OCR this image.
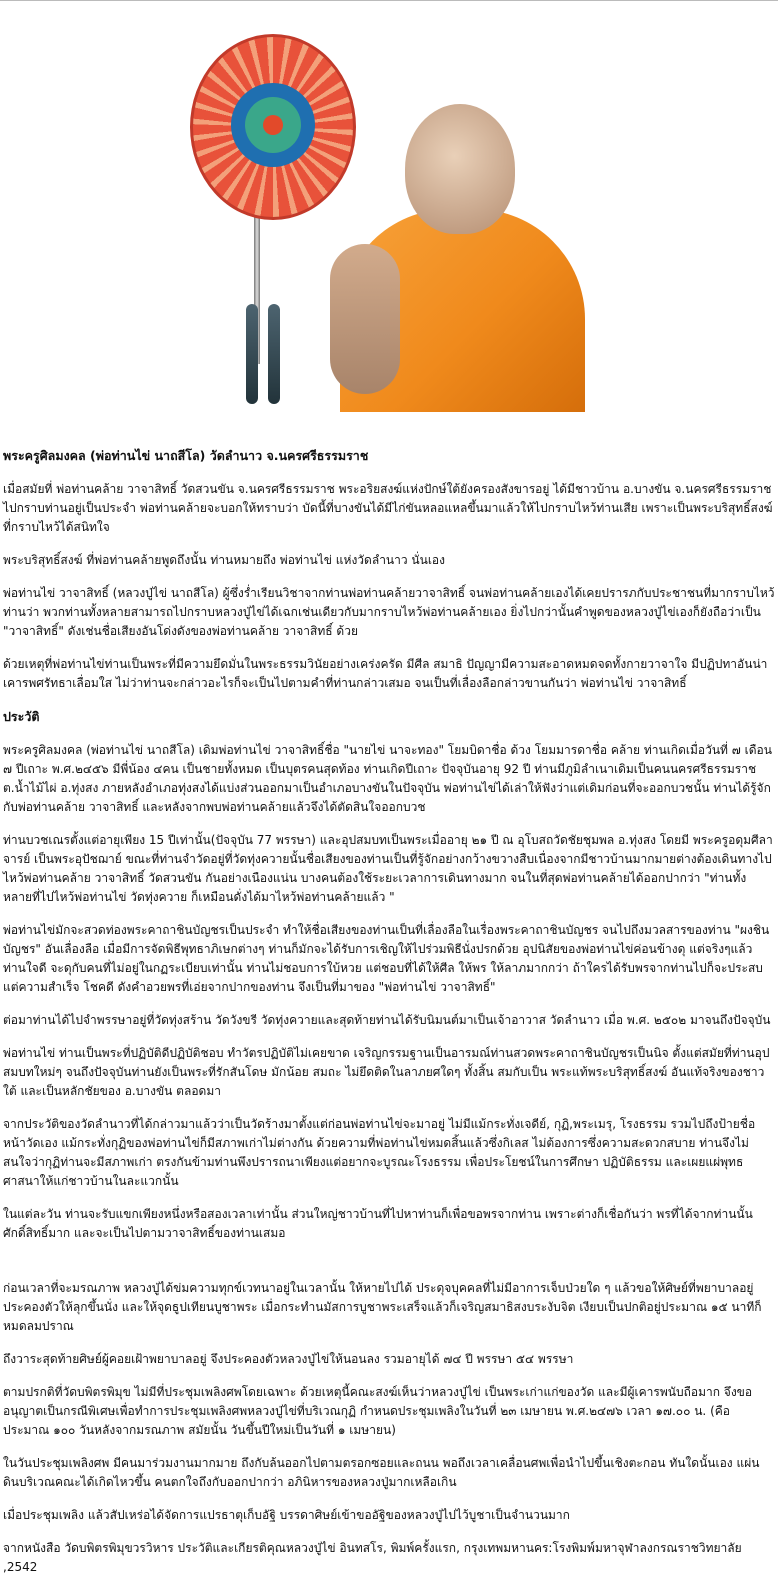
พระครูศิลมงคล (พ่อท่านไข่ นาถสีโล) วัดลำนาว จ.นครศรีธรรมราช

เมื่อสมัยที่ พ่อท่านคล้าย วาจาสิทธิ์ วัดสวนขัน จ.นครศรีธรรมราช พระอริยสงฆ์แห่งปักษ์ใต้ยังครองสังขารอยู่ ได้มีชาวบ้าน อ.บางขัน จ.นครศรีธรรมราชไปกราบท่านอยู่เป็นประจำ พ่อท่านคล้ายจะบอกให้ทราบว่า บัดนี้ที่บางขันได้มีไก่ขันหลอแหลขึ้นมาแล้วให้ไปกราบไหว้ท่านเสีย เพราะเป็นพระบริสุทธิ์สงฆ์ที่กราบไหว้ได้สนิทใจ

พระบริสุทธิ์สงฆ์ ที่พ่อท่านคล้ายพูดถึงนั้น ท่านหมายถึง พ่อท่านไข่ แห่งวัดลำนาว นั่นเอง

พ่อท่านไข่ วาจาสิทธิ์ (หลวงปู่ไข่ นาถสีโล) ผู้ซึ่งร่ำเรียนวิชาจากท่านพ่อท่านคล้ายวาจาสิทธิ์ จนพ่อท่านคล้ายเองได้เคยปรารภกับประชาชนที่มากราบไหว้ท่านว่า พวกท่านทั้งหลายสามารถไปกราบหลวงปู่ไข่ได้เฉกเช่นเดียวกับมากราบไหว้พ่อท่านคล้ายเอง ยิ่งไปกว่านั้นคำพูดของหลวงปู่ไข่เองก็ยังถือว่าเป็น "วาจาสิทธิ์" ดังเช่นชื่อเสียงอันโด่งดังของพ่อท่านคล้าย วาจาสิทธิ์ ด้วย

ด้วยเหตุที่พ่อท่านไข่ท่านเป็นพระที่มีความยึดมั่นในพระธรรมวินัยอย่างเคร่งครัด มีศีล สมาธิ ปัญญามีความสะอาดหมดจดทั้งกายวาจาใจ มีปฏิปทาอันน่าเคารพศรัทธาเลื่อมใส ไม่ว่าท่านจะกล่าวอะไรก็จะเป็นไปตามคำที่ท่านกล่าวเสมอ จนเป็นที่เลื่องลือกล่าวขานกันว่า พ่อท่านไข่ วาจาสิทธิ์

ประวัติ

พระครูศิลมงคล (พ่อท่านไข่ นาถสีโล) เดิมพ่อท่านไข่ วาจาสิทธิ์ชื่อ "นายไข่ นาจะทอง" โยมบิดาชื่อ ด้วง โยมมารดาชื่อ คล้าย ท่านเกิดเมื่อวันที่ ๗ เดือน ๗ ปีเถาะ พ.ศ.๒๔๕๖ มีพี่น้อง ๔คน เป็นชายทั้งหมด เป็นบุตรคนสุดท้อง ท่านเกิดปีเถาะ ปัจจุบันอายุ 92 ปี ท่านมีภูมิลำเนาเดิมเป็นคนนครศรีธรรมราช ต.น้ำไม้ไผ่ อ.ทุ่งสง ภายหลังอำเภอทุ่งสงได้แบ่งส่วนออกมาเป็นอำเภอบางขันในปัจจุบัน พ่อท่านไข่ได้เล่าให้ฟังว่าแต่เดิมก่อนที่จะออกบวชนั้น ท่านได้รู้จักกับพ่อท่านคล้าย วาจาสิทธิ์ และหลังจากพบพ่อท่านคล้ายแล้วจึงได้ตัดสินใจออกบวช

ท่านบวชเณรตั้งแต่อายุเพียง 15 ปีเท่านั้น(ปัจจุบัน 77 พรรษา) และอุปสมบทเป็นพระเมื่ออายุ ๒๑ ปี ณ อุโบสถวัดชัยชุมพล อ.ทุ่งสง โดยมี พระครูอดุมศีลาจารย์ เป็นพระอุปัชฌาย์ ขณะที่ท่านจำวัดอยู่ที่วัดทุ่งควายนั้นชื่อเสียงของท่านเป็นที่รู้จักอย่างกว้างขวางสืบเนื่องจากมีชาวบ้านมากมายต่างต้องเดินทางไปไหว้พ่อท่านคล้าย วาจาสิทธิ์ วัดสวนขัน กันอย่างเนืองแน่น บางคนต้องใช้ระยะเวลาการเดินทางมาก จนในที่สุดพ่อท่านคล้ายได้ออกปากว่า "ท่านทั้งหลายที่ไปไหว้พ่อท่านไข่ วัดทุ่งควาย ก็เหมือนดั่งได้มาไหว้พ่อท่านคล้ายแล้ว "

พ่อท่านไข่มักจะสวดท่องพระคาถาชินบัญชรเป็นประจำ ทำให้ชื่อเสียงของท่านเป็นที่เลื่องลือในเรื่องพระคาถาชินบัญชร จนไปถึงมวลสารของท่าน "ผงชินบัญชร" อันเลื่องลือ เมื่อมีการจัดพิธีพุทธาภิเษกต่างๆ ท่านก็มักจะได้รับการเชิญให้ไปร่วมพิธีนั่งปรกด้วย อุปนิสัยของพ่อท่านไข่ค่อนข้างดุ แต่จริงๆแล้วท่านใจดี จะดุกับคนที่ไม่อยู่ในกฏระเบียบเท่านั้น ท่านไม่ชอบการใบ้หวย แต่ชอบที่ได้ให้ศีล ให้พร ให้ลาภมากกว่า ถ้าใครได้รับพรจากท่านไปก็จะประสบแต่ความสำเร็จ โชคดี ดังคำอวยพรที่เอ่ยจากปากของท่าน จึงเป็นที่มาของ "พ่อท่านไข่ วาจาสิทธิ์"

ต่อมาท่านได้ไปจำพรรษาอยู่ที่วัดทุ่งสร้าน วัดวังขรี วัดทุ่งควายและสุดท้ายท่านได้รับนิมนต์มาเป็นเจ้าอาวาส วัดลำนาว เมื่อ พ.ศ. ๒๕๐๒ มาจนถึงปัจจุบัน

พ่อท่านไข่ ท่านเป็นพระที่ปฏิบัติดีปฏิบัติชอบ ทำวัตรปฏิบัติไม่เคยขาด เจริญกรรมฐานเป็นอารมณ์ท่านสวดพระคาถาชินบัญชรเป็นนิจ ตั้งแต่สมัยที่ท่านอุปสมบทใหม่ๆ จนถึงปัจจุบันท่านยังเป็นพระที่รักสันโดษ มักน้อย สมถะ ไม่ยึดติดในลาภยศใดๆ ทั้งสิ้น สมกับเป็น พระแท้พระบริสุทธิ์สงฆ์ อันแท้จริงของชาวใต้ และเป็นหลักชัยของ อ.บางขัน ตลอดมา

จากประวัติของวัดลำนาวที่ได้กล่าวมาแล้วว่าเป็นวัดร้างมาตั้งแต่ก่อนพ่อท่านไข่จะมาอยู่ ไม่มีแม้กระทั่งเจดีย์, กุฏิ,พระเมรุ, โรงธรรม รวมไปถึงป้ายชื่อหน้าวัดเอง แม้กระทั่งกุฏิของพ่อท่านไข่ก็มีสภาพเก่าไม่ต่างกัน ด้วยความที่พ่อท่านไข่หมดสิ้นแล้วซึ่งกิเลส ไม่ต้องการซึ่งความสะดวกสบาย ท่านจึงไม่สนใจว่ากุฏิท่านจะมีสภาพเก่า ตรงกันข้ามท่านพึงปรารถนาเพียงแต่อยากจะบูรณะโรงธรรม เพื่อประโยชน์ในการศึกษา ปฏิบัติธรรม และเผยแผ่พุทธศาสนาให้แก่ชาวบ้านในละแวกนั้น

ในแต่ละวัน ท่านจะรับแขกเพียงหนึ่งหรือสองเวลาเท่านั้น ส่วนใหญ่ชาวบ้านที่ไปหาท่านก็เพื่อขอพรจากท่าน เพราะต่างก็เชื่อกันว่า พรที่ได้จากท่านนั้นศักดิ์สิทธิ์มาก และจะเป็นไปตามวาจาสิทธิ์ของท่านเสมอ

ก่อนเวลาที่จะมรณภาพ หลวงปู่ได้ข่มความทุกข์เวทนาอยู่ในเวลานั้น ให้หายไปได้ ประดุจบุคคลที่ไม่มีอาการเจ็บป่วยใด ๆ แล้วขอให้ศิษย์ที่พยาบาลอยู่ประคองตัวให้ลุกขึ้นนั่ง และให้จุดธูปเทียนบูชาพระ เมื่อกระทำนมัสการบูชาพระเสร็จแล้วก็เจริญสมาธิสงบระงับจิต เงียบเป็นปกติอยู่ประมาณ ๑๕ นาทีก็หมดลมปราณ

ถึงวาระสุดท้ายศิษย์ผู้คอยเฝ้าพยาบาลอยู่ จึงประคองตัวหลวงปู่ไข่ให้นอนลง รวมอายุได้ ๗๔ ปี พรรษา ๕๔ พรรษา

ตามปรกติที่วัดบพิตรพิมุข ไม่มีที่ประชุมเพลิงศพโดยเฉพาะ ด้วยเหตุนี้คณะสงฆ์เห็นว่าหลวงปู่ไข่ เป็นพระเก่าแก่ของวัด และมีผู้เคารพนับถือมาก จึงขออนุญาตเป็นกรณีพิเศษเพื่อทำการประชุมเพลิงศพหลวงปู่ไข่ที่บริเวณกุฏิ กำหนดประชุมเพลิงในวันที่ ๒๓ เมษายน พ.ศ.๒๔๗๖ เวลา ๑๗.๐๐ น. (คือประมาณ ๑๐๐ วันหลังจากมรณภาพ สมัยนั้น วันขึ้นปีใหม่เป็นวันที่ ๑ เมษายน)

ในวันประชุมเพลิงศพ มีคนมาร่วมงานมากมาย ถึงกับล้นออกไปตามตรอกซอยและถนน พอถึงเวลาเคลื่อนศพเพื่อนำไปขึ้นเชิงตะกอน ทันใดนั้นเอง แผ่นดินบริเวณคณะได้เกิดไหวขึ้น คนตกใจถึงกับออกปากว่า อภินิหารของหลวงปู่มากเหลือเกิน

เมื่อประชุมเพลิง แล้วสัปเหร่อได้จัดการแปรธาตุเก็บอัฐิ บรรดาศิษย์เข้าขออัฐิของหลวงปู่ไปไว้บูชาเป็นจำนวนมาก

จากหนังสือ วัดบพิตรพิมุขวรวิหาร ประวัติและเกียรติคุณหลวงปู่ไข่ อินทสโร, พิมพ์ครั้งแรก, กรุงเทพมหานคร:โรงพิมพ์มหาจุฬาลงกรณราชวิทยาลัย ,2542
